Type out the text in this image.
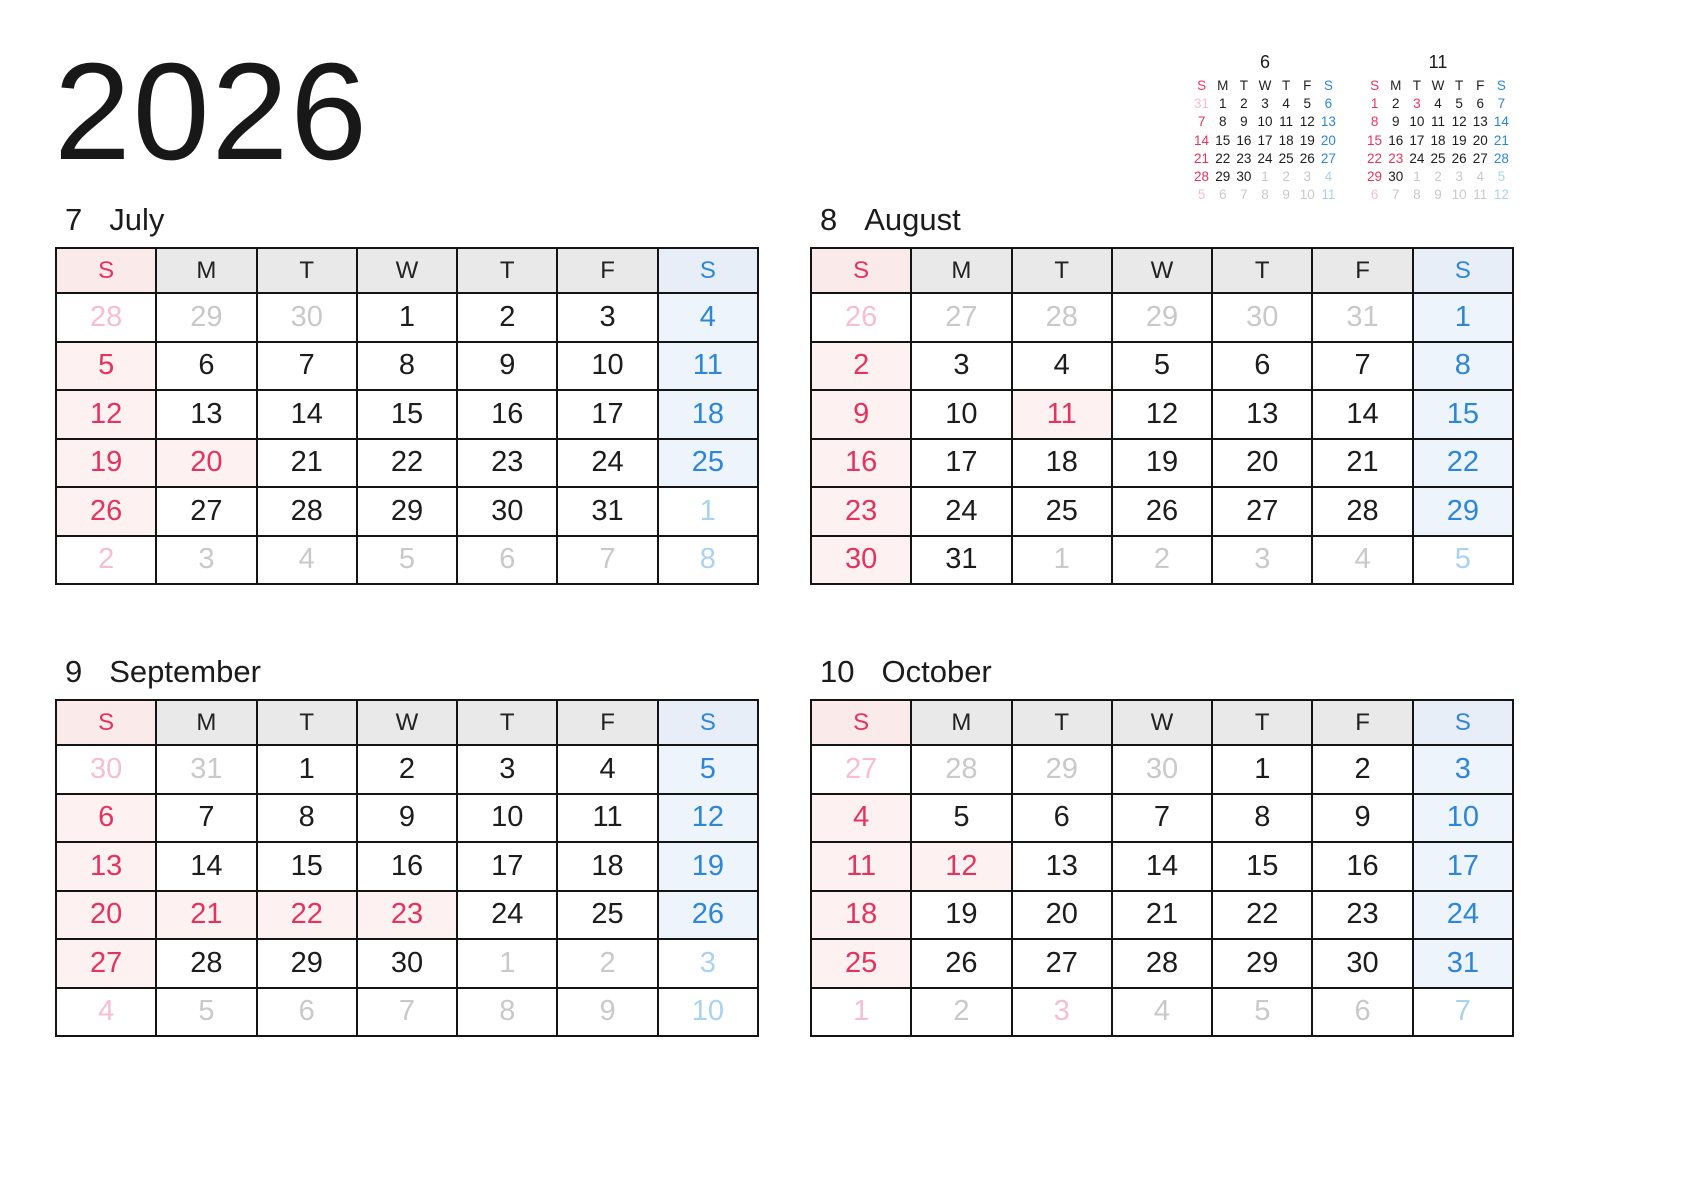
2026	6
S M T W T F S
31 1	2	3	4	5	6
7	8	9 10 11 12 13
14 15 16 17 18 19 20
21 22 23 24 25 26 27
28 29 30 1	2	3	4
5	6	7	8	9 10 11
11
S M T W T F S
1	2	3	4	5	6	7
8	9 10 11 12 13 14
15 16 17 18 19 20 21
22 23 24 25 26 27 28
29 30 1	2	3	4	5
6	7	8	9 10 11 12
7 July
S	M	T	W	T	F	S
28	29	30	1	2	3	4
5	6	7	8	9	10	11
12	13	14	15	16	17	18
19	20	21	22	23	24	25
26	27	28	29	30	31	1
2	3	4	5	6	7	8
8 August
S	M	T	W	T	F	S
26	27	28	29	30	31	1
2	3	4	5	6	7	8
9	10	11	12	13	14	15
16	17	18	19	20	21	22
23	24	25	26	27	28	29
30	31	1	2	3	4	5
9 September
S	M	T	W	T	F	S
30	31	1	2	3	4	5
6	7	8	9	10	11	12
13	14	15	16	17	18	19
20	21	22	23	24	25	26
27	28	29	30	1	2	3
4	5	6	7	8	9	10
10 October
S	M	T	W	T	F	S
27	28	29	30	1	2	3
4	5	6	7	8	9	10
11	12	13	14	15	16	17
18	19	20	21	22	23	24
25	26	27	28	29	30	31
1	2	3	4	5	6	7
